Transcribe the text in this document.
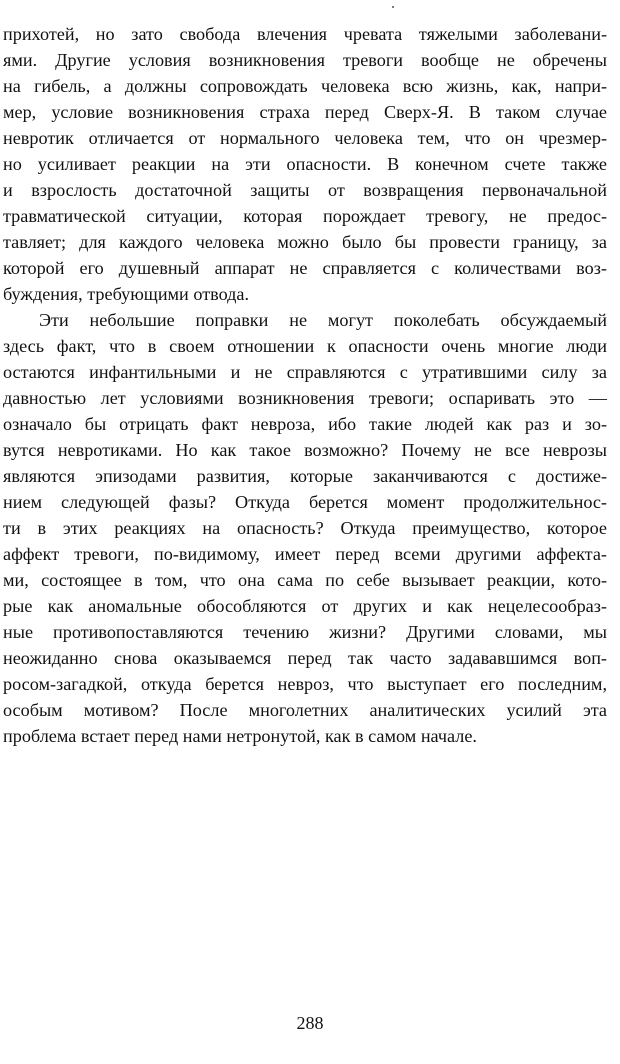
прихотей, но зато свобода влечения чревата тяжелыми заболевани-
ями. Другие условия возникновения тревоги вообще не обречены
на гибель, а должны сопровождать человека всю жизнь, как, напри-
мер, условие возникновения страха перед Сверх-Я. В таком случае
невротик отличается от нормального человека тем, что он чрезмер-
но усиливает реакции на эти опасности. В конечном счете также
и взрослость достаточной защиты от возвращения первоначальной
травматической ситуации, которая порождает тревогу, не предос-
тавляет; для каждого человека можно было бы провести границу, за
которой его душевный аппарат не справляется с количествами воз-
буждения, требующими отвода.
Эти небольшие поправки не могут поколебать обсуждаемый
здесь факт, что в своем отношении к опасности очень многие люди
остаются инфантильными и не справляются с утратившими силу за
давностью лет условиями возникновения тревоги; оспаривать это —
означало бы отрицать факт невроза, ибо такие людей как раз и зо-
вутся невротиками. Но как такое возможно? Почему не все неврозы
являются эпизодами развития, которые заканчиваются с достиже-
нием следующей фазы? Откуда берется момент продолжительнос-
ти в этих реакциях на опасность? Откуда преимущество, которое
аффект тревоги, по-видимому, имеет перед всеми другими аффекта-
ми, состоящее в том, что она сама по себе вызывает реакции, кото-
рые как аномальные обособляются от других и как нецелесообраз-
ные противопоставляются течению жизни? Другими словами, мы
неожиданно снова оказываемся перед так часто задававшимся воп-
росом-загадкой, откуда берется невроз, что выступает его последним,
особым мотивом? После многолетних аналитических усилий эта
проблема встает перед нами нетронутой, как в самом начале.
288
